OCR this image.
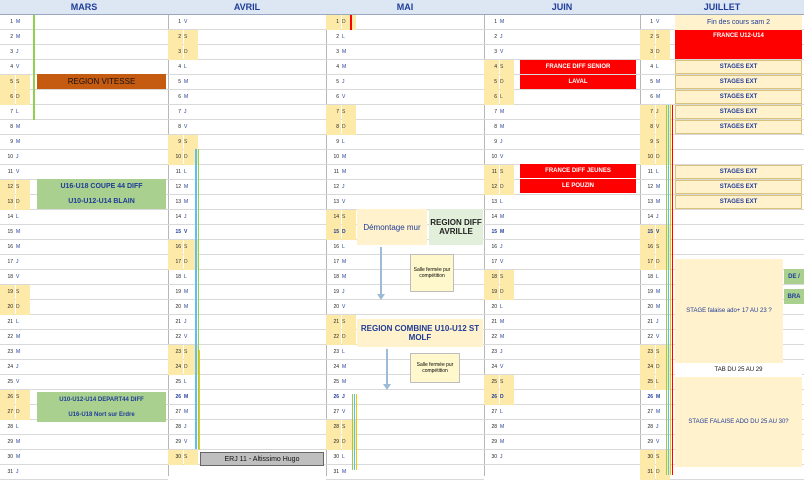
MARS
1 M
2 M
3 J
4 V
5 S
6 D
7 L
8 M
9 M
10 J
11 V
12 S
13 D
14 L
15 M
16 M
17 J
18 V
19 S
20 D
21 L
22 M
23 M
24 J
25 V
26 S
27 D
28 L
29 M
30 M
31 J
AVRIL
1 V
2 S
3 D
4 L
5 M
6 M
7 J
8 V
9 S
10 D
11 L
12 M
13 M
14 J
15 V
16 S
17 D
18 L
19 M
20 M
21 J
22 V
23 S
24 D
25 L
26 M
27 M
28 J
29 V
30 S
MAI
1 D
2 L
3 M
4 M
5 J
6 V
7 S
8 D
9 L
10 M
11 M
12 J
13 V
14 S
15 D
16 L
17 M
18 M
19 J
20 V
21 S
22 D
23 L
24 M
25 M
26 J
27 V
28 S
29 D
30 L
31 M
JUIN
1 M
2 J
3 V
4 S
5 D
6 L
7 M
8 M
9 J
10 V
11 S
12 D
13 L
14 M
15 M
16 J
17 V
18 S
19 D
20 L
21 M
22 M
23 J
24 V
25 S
26 D
27 L
28 M
29 M
30 J
JUILLET
1 V
2 S
3 D
4 L
5 M
6 M
7 J
8 V
9 S
10 D
11 L
12 M
13 M
14 J
15 V
16 S
17 D
18 L
19 M
20 M
21 J
22 V
23 S
24 D
25 L
26 M
27 M
28 J
29 V
30 S
31 D
REGION VITESSE
U16-U18 COUPE 44 DIFF
U10-U12-U14 BLAIN
U10-U12-U14 DEPART44 DIFF
U16-U18 Nort sur Erdre
ERJ 11 - Altissimo Hugo
Démontage mur	REGION DIFF AVRILLE
Salle fermée pur compétition
REGION COMBINE U10-U12 ST MOLF
Salle fermée pur compétition
FRANCE DIFF SENIOR
LAVAL
FRANCE DIFF JEUNES
LE POUZIN
Fin des cours sam 2
FRANCE U12-U14
STAGES EXT
STAGES EXT
STAGES EXT
STAGES EXT
STAGES EXT
STAGES EXT
STAGES EXT
STAGES EXT
STAGE falaise ado+ 17 AU 23 ?
DE /
BRA
TAB DU 25 AU 29
STAGE FALAISE ADO DU 25 AU 30?
